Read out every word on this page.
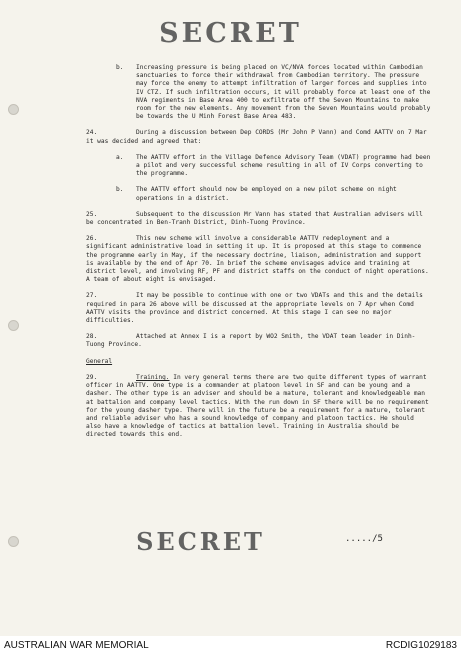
SECRET
b. Increasing pressure is being placed on VC/NVA forces located within Cambodian sanctuaries to force their withdrawal from Cambodian territory. The pressure may force the enemy to attempt infiltration of larger forces and supplies into IV CTZ. If such infiltration occurs, it will probably force at least one of the NVA regiments in Base Area 400 to exfiltrate off the Seven Mountains to make room for the new elements. Any movement from the Seven Mountains would probably be towards the U Minh Forest Base Area 483.
24.	During a discussion between Dep CORDS (Mr John P Vann) and Comd AATTV on 7 Mar it was decided and agreed that:
a. The AATTV effort in the Village Defence Advisory Team (VDAT) programme had been a pilot and very successful scheme resulting in all of IV Corps converting to the programme.
b. The AATTV effort should now be employed on a new pilot scheme on night operations in a district.
25.	Subsequent to the discussion Mr Vann has stated that Australian advisers will be concentrated in Ben-Tranh District, Dinh-Tuong Province.
26.	This new scheme will involve a considerable AATTV redeployment and a significant administrative load in setting it up. It is proposed at this stage to commence the programme early in May, if the necessary doctrine, liaison, administration and support is available by the end of Apr 70. In brief the scheme envisages advice and training at district level, and involving RF, PF and district staffs on the conduct of night operations. A team of about eight is envisaged.
27.	It may be possible to continue with one or two VDATs and this and the details required in para 26 above will be discussed at the appropriate levels on 7 Apr when Comd AATTV visits the province and district concerned. At this stage I can see no major difficulties.
28.	Attached at Annex I is a report by WO2 Smith, the VDAT team leader in Dinh-Tuong Province.
General
29.	Training. In very general terms there are two quite different types of warrant officer in AATTV. One type is a commander at platoon level in SF and can be young and a dasher. The other type is an adviser and should be a mature, tolerant and knowledgeable man at battalion and company level tactics. With the run down in SF there will be no requirement for the young dasher type. There will in the future be a requirement for a mature, tolerant and reliable adviser who has a sound knowledge of company and platoon tactics. He should also have a knowledge of tactics at battalion level. Training in Australia should be directed towards this end.
SECRET	...../5
AUSTRALIAN WAR MEMORIAL	RCDIG1029183
